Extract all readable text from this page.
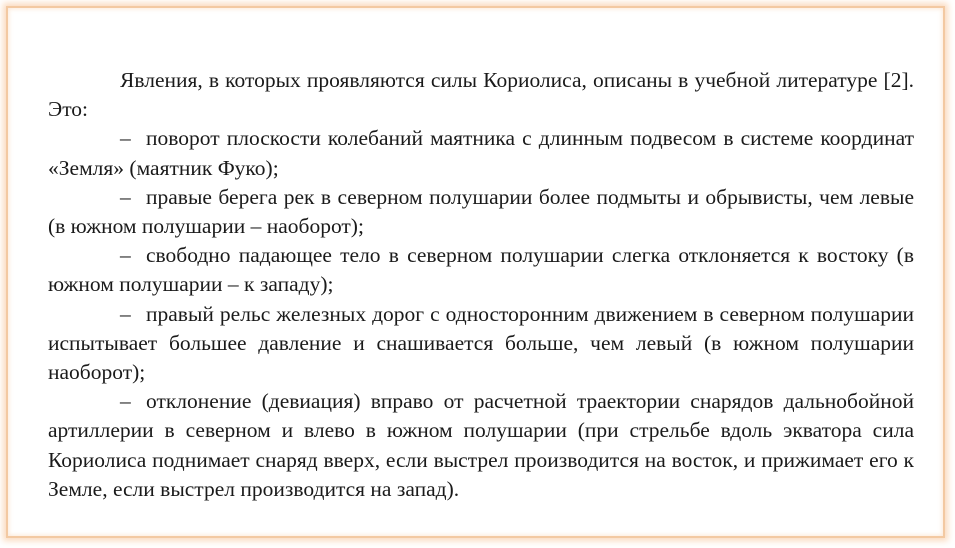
Явления, в которых проявляются силы Кориолиса, описаны в учебной литературе [2]. Это:

– поворот плоскости колебаний маятника с длинным подвесом в системе координат «Земля» (маятник Фуко);

– правые берега рек в северном полушарии более подмыты и обрывисты, чем левые (в южном полушарии – наоборот);

– свободно падающее тело в северном полушарии слегка отклоняется к востоку (в южном полушарии – к западу);

– правый рельс железных дорог с односторонним движением в северном полушарии испытывает большее давление и снашивается больше, чем левый (в южном полушарии наоборот);

– отклонение (девиация) вправо от расчетной траектории снарядов дальнобойной артиллерии в северном и влево в южном полушарии (при стрельбе вдоль экватора сила Кориолиса поднимает снаряд вверх, если выстрел производится на восток, и прижимает его к Земле, если выстрел производится на запад).
